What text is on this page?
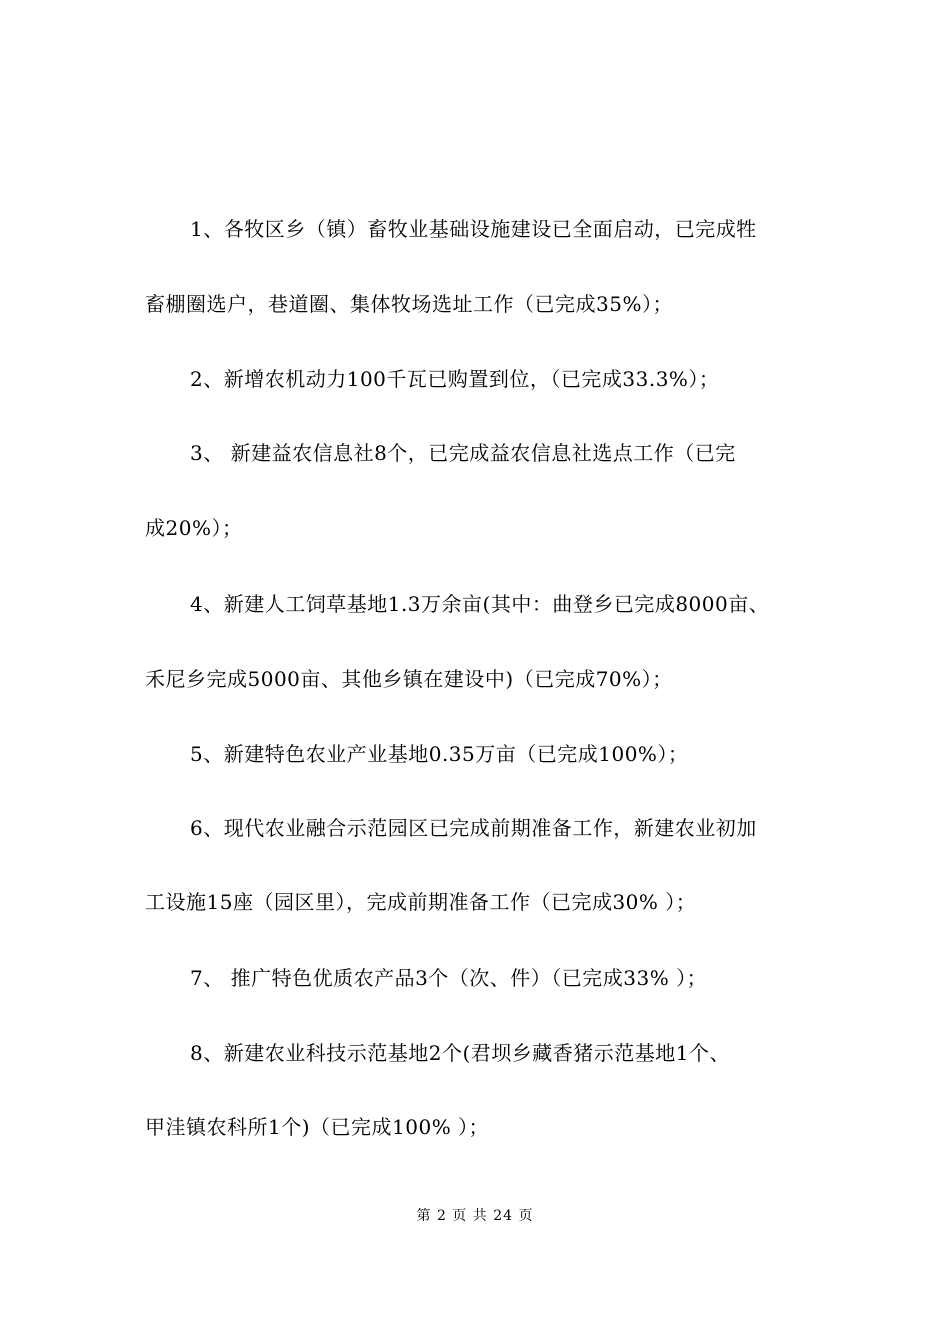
1、各牧区乡（镇）畜牧业基础设施建设已全面启动，已完成牲
畜棚圈选户，巷道圈、集体牧场选址工作（已完成35%）；
2、新增农机动力100千瓦已购置到位，（已完成33.3%）；
3、 新建益农信息社8个，已完成益农信息社选点工作（已完
成20%）；
4、新建人工饲草基地1.3万余亩(其中：曲登乡已完成8000亩、
禾尼乡完成5000亩、其他乡镇在建设中)（已完成70%）；
5、新建特色农业产业基地0.35万亩（已完成100%）；
6、现代农业融合示范园区已完成前期准备工作，新建农业初加
工设施15座（园区里），完成前期准备工作（已完成30% ）；
7、 推广特色优质农产品3个（次、件）（已完成33% ）；
8、新建农业科技示范基地2个(君坝乡藏香猪示范基地1个、
甲洼镇农科所1个)（已完成100% ）；
第 2 页 共 24 页
